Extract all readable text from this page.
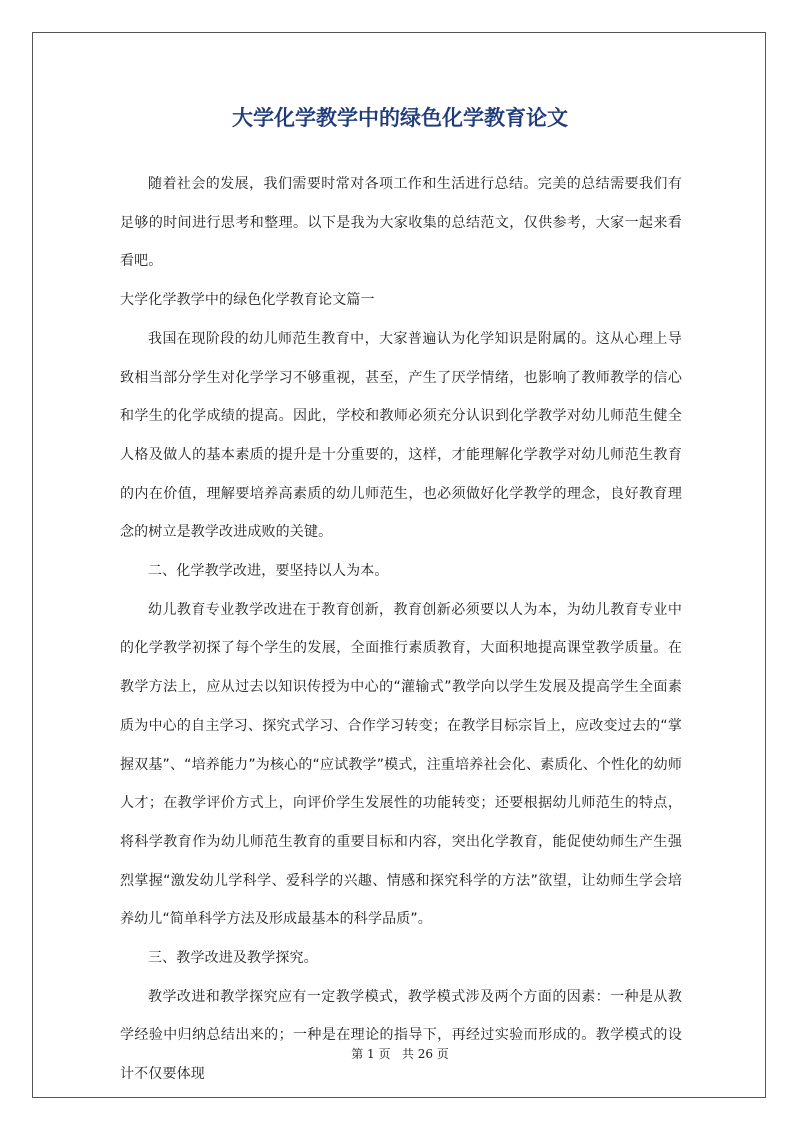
大学化学教学中的绿色化学教育论文

随着社会的发展，我们需要时常对各项工作和生活进行总结。完美的总结需要我们有足够的时间进行思考和整理。以下是我为大家收集的总结范文，仅供参考，大家一起来看看吧。

大学化学教学中的绿色化学教育论文篇一

我国在现阶段的幼儿师范生教育中，大家普遍认为化学知识是附属的。这从心理上导致相当部分学生对化学学习不够重视，甚至，产生了厌学情绪，也影响了教师教学的信心和学生的化学成绩的提高。因此，学校和教师必须充分认识到化学教学对幼儿师范生健全人格及做人的基本素质的提升是十分重要的，这样，才能理解化学教学对幼儿师范生教育的内在价值，理解要培养高素质的幼儿师范生，也必须做好化学教学的理念，良好教育理念的树立是教学改进成败的关键。

二、化学教学改进，要坚持以人为本。

幼儿教育专业教学改进在于教育创新，教育创新必须要以人为本，为幼儿教育专业中的化学教学初探了每个学生的发展，全面推行素质教育，大面积地提高课堂教学质量。在教学方法上，应从过去以知识传授为中心的“灌输式”教学向以学生发展及提高学生全面素质为中心的自主学习、探究式学习、合作学习转变；在教学目标宗旨上，应改变过去的“掌握双基”、“培养能力”为核心的“应试教学”模式，注重培养社会化、素质化、个性化的幼师人才；在教学评价方式上，向评价学生发展性的功能转变；还要根据幼儿师范生的特点，将科学教育作为幼儿师范生教育的重要目标和内容，突出化学教育，能促使幼师生产生强烈掌握“激发幼儿学科学、爱科学的兴趣、情感和探究科学的方法”欲望，让幼师生学会培养幼儿“简单科学方法及形成最基本的科学品质”。

三、教学改进及教学探究。

教学改进和教学探究应有一定教学模式，教学模式涉及两个方面的因素：一种是从教学经验中归纳总结出来的；一种是在理论的指导下，再经过实验而形成的。教学模式的设计不仅要体现

第 1 页 共 26 页
